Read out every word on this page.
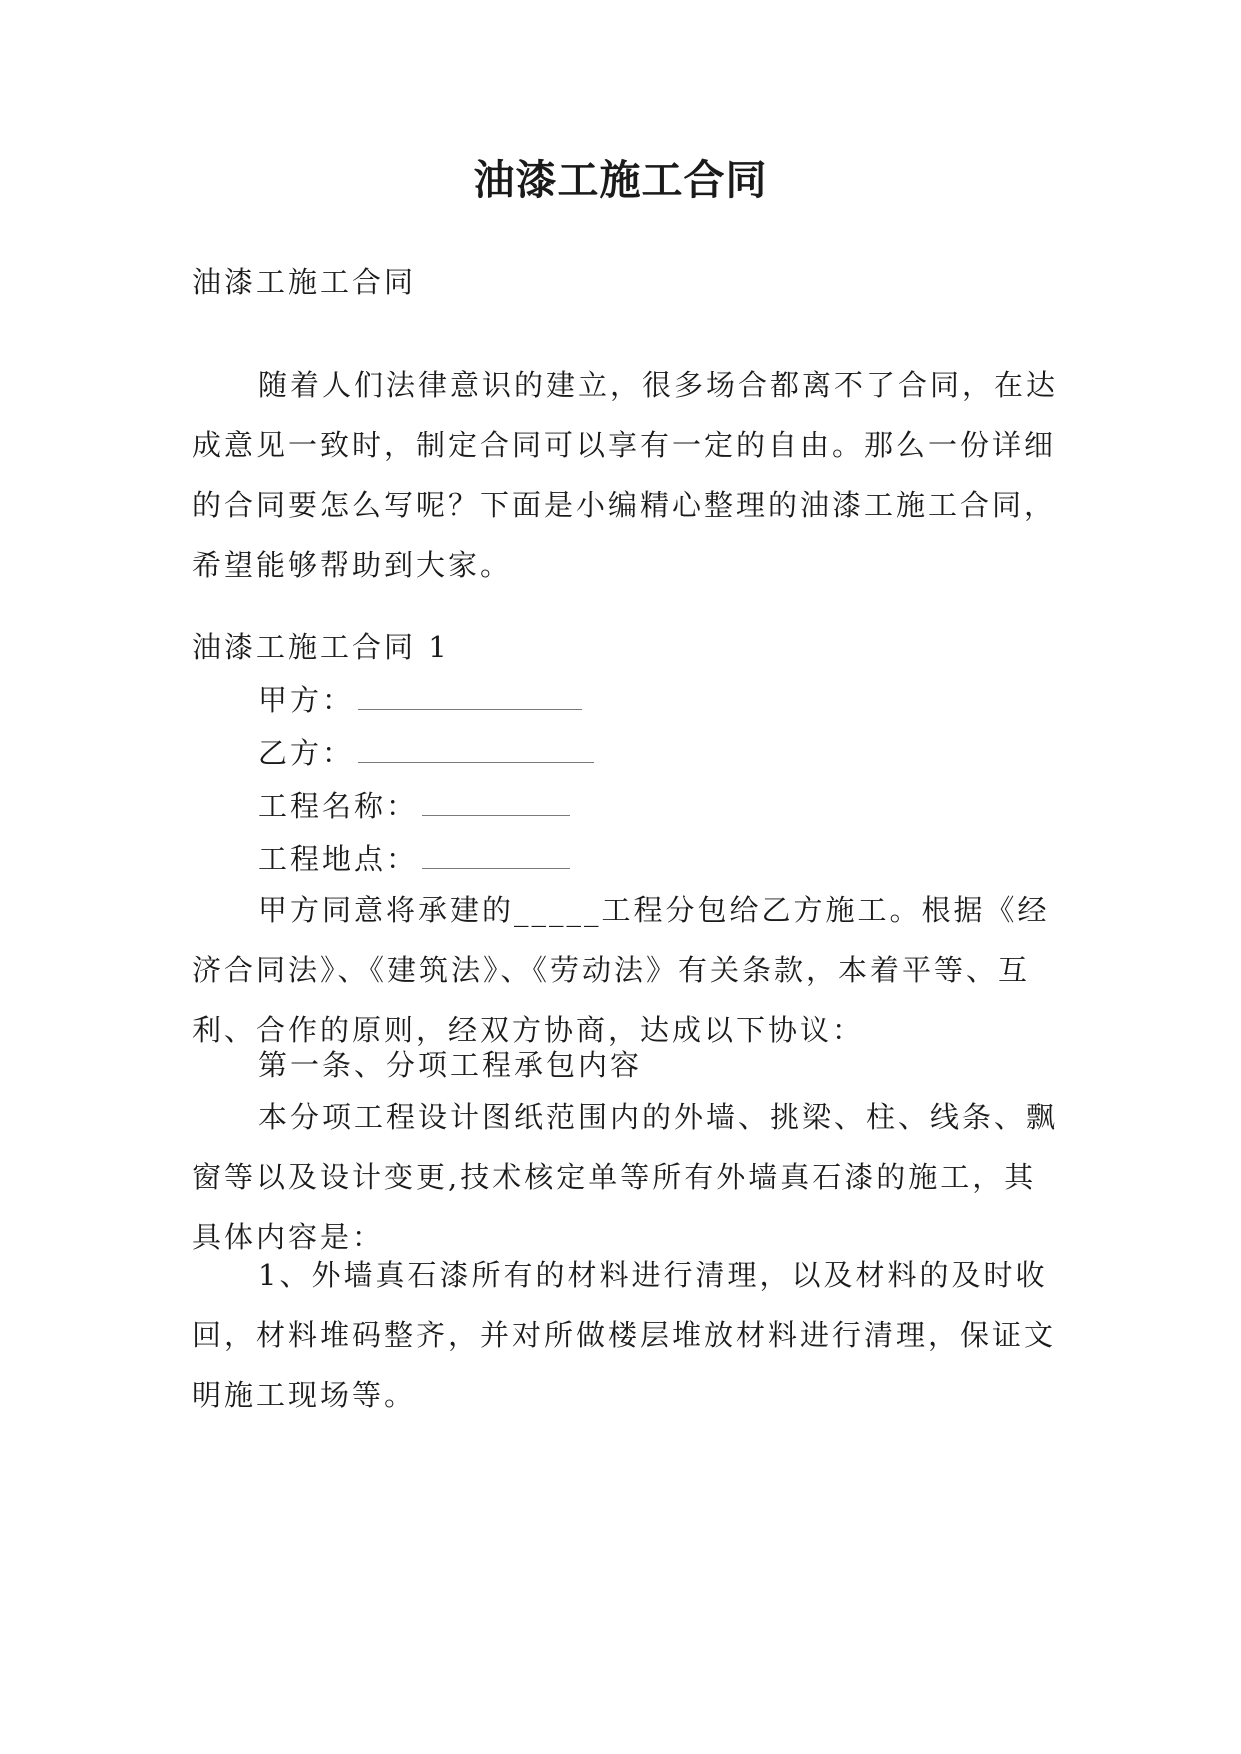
油漆工施工合同
油漆工施工合同
随着人们法律意识的建立，很多场合都离不了合同，在达成意见一致时，制定合同可以享有一定的自由。那么一份详细的合同要怎么写呢？下面是小编精心整理的油漆工施工合同，希望能够帮助到大家。
油漆工施工合同 1
甲方：
乙方：
工程名称：
工程地点：
甲方同意将承建的_____工程分包给乙方施工。根据《经济合同法》、《建筑法》、《劳动法》有关条款，本着平等、互利、合作的原则，经双方协商，达成以下协议：
第一条、分项工程承包内容
本分项工程设计图纸范围内的外墙、挑梁、柱、线条、飘窗等以及设计变更,技术核定单等所有外墙真石漆的施工，其具体内容是：
1、外墙真石漆所有的材料进行清理，以及材料的及时收回，材料堆码整齐，并对所做楼层堆放材料进行清理，保证文明施工现场等。
